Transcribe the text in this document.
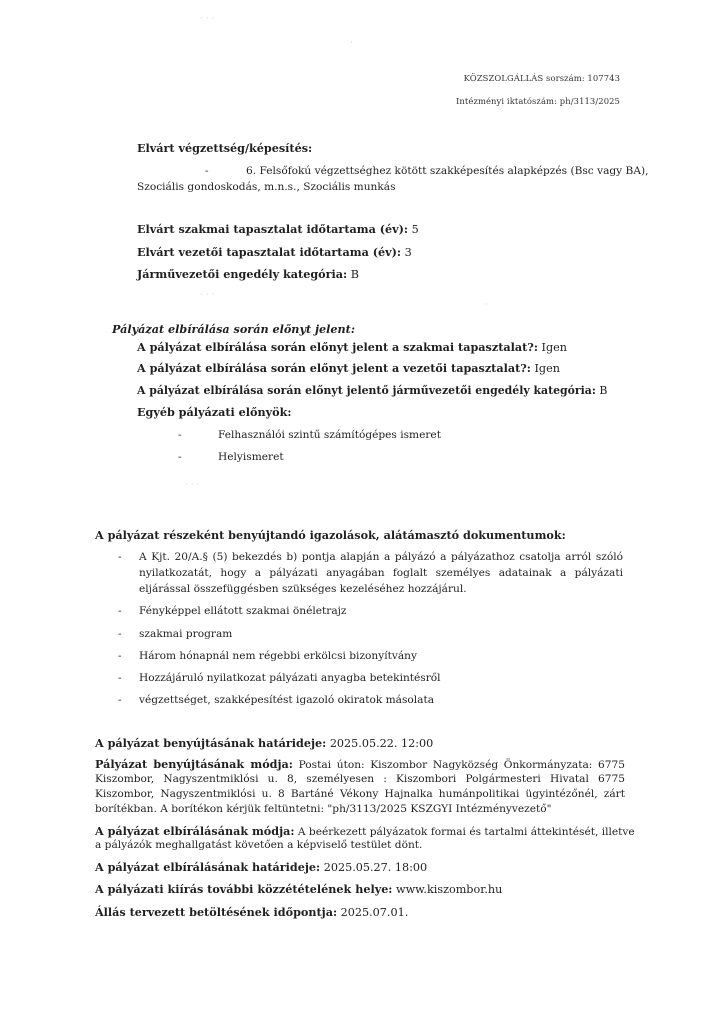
· · ·
·
· · ·
·
· · ·
KÖZSZOLGÁLLÁS sorszám: 107743
Intézményi iktatószám: ph/3113/2025
Elvárt végzettség/képesítés:
-	6. Felsőfokú végzettséghez kötött szakképesítés alapképzés (Bsc vagy BA),
Szociális gondoskodás, m.n.s., Szociális munkás
Elvárt szakmai tapasztalat időtartama (év): 5
Elvárt vezetői tapasztalat időtartama (év): 3
Járművezetői engedély kategória: B
Pályázat elbírálása során előnyt jelent:
A pályázat elbírálása során előnyt jelent a szakmai tapasztalat?: Igen
A pályázat elbírálása során előnyt jelent a vezetői tapasztalat?: Igen
A pályázat elbírálása során előnyt jelentő járművezetői engedély kategória: B
Egyéb pályázati előnyök:
-	Felhasználói szintű számítógépes ismeret
-	Helyismeret
A pályázat részeként benyújtandó igazolások, alátámasztó dokumentumok:
- A Kjt. 20/A.§ (5) bekezdés b) pontja alapján a pályázó a pályázathoz csatolja arról szóló
nyilatkozatát, hogy a pályázati anyagában foglalt személyes adatainak a pályázati
eljárással összefüggésben szükséges kezeléséhez hozzájárul.
- Fényképpel ellátott szakmai önéletrajz
- szakmai program
- Három hónapnál nem régebbi erkölcsi bizonyítvány
- Hozzájáruló nyilatkozat pályázati anyagba betekintésről
- végzettséget, szakképesítést igazoló okiratok másolata
A pályázat benyújtásának határideje: 2025.05.22. 12:00
Pályázat benyújtásának módja: Postai úton: Kiszombor Nagyközség Önkormányzata: 6775
Kiszombor, Nagyszentmiklósi u. 8, személyesen : Kiszombori Polgármesteri Hivatal 6775
Kiszombor, Nagyszentmiklósi u. 8 Bartáné Vékony Hajnalka humánpolitikai ügyintézőnél, zárt
borítékban. A borítékon kérjük feltüntetni: "ph/3113/2025 KSZGYI Intézményvezető"
A pályázat elbírálásának módja: A beérkezett pályázatok formai és tartalmi áttekintését, illetve
a pályázók meghallgatást követően a képviselő testület dönt.
A pályázat elbírálásának határideje: 2025.05.27. 18:00
A pályázati kiírás további közzétételének helye: www.kiszombor.hu
Állás tervezett betöltésének időpontja: 2025.07.01.
